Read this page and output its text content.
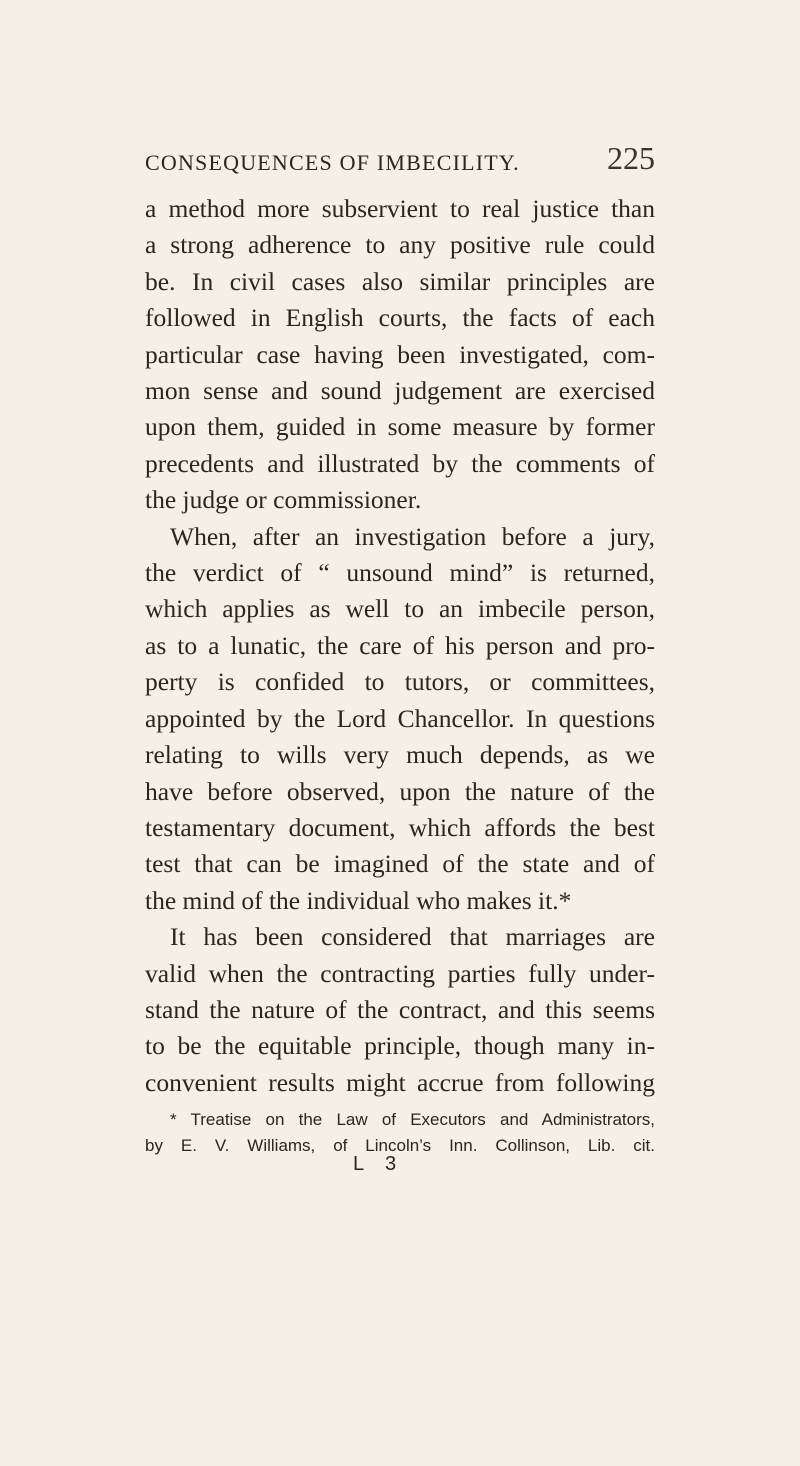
CONSEQUENCES OF IMBECILITY.	225
a method more subservient to real justice than
a strong adherence to any positive rule could
be. In civil cases also similar principles are
followed in English courts, the facts of each
particular case having been investigated, com-
mon sense and sound judgement are exercised
upon them, guided in some measure by former
precedents and illustrated by the comments of
the judge or commissioner.
When, after an investigation before a jury,
the verdict of “ unsound mind” is returned,
which applies as well to an imbecile person,
as to a lunatic, the care of his person and pro-
perty is confided to tutors, or committees,
appointed by the Lord Chancellor. In questions
relating to wills very much depends, as we
have before observed, upon the nature of the
testamentary document, which affords the best
test that can be imagined of the state and of
the mind of the individual who makes it.*
It has been considered that marriages are
valid when the contracting parties fully under-
stand the nature of the contract, and this seems
to be the equitable principle, though many in-
convenient results might accrue from following
* Treatise on the Law of Executors and Administrators,
by E. V. Williams, of Lincoln’s Inn. Collinson, Lib. cit.
L 3
